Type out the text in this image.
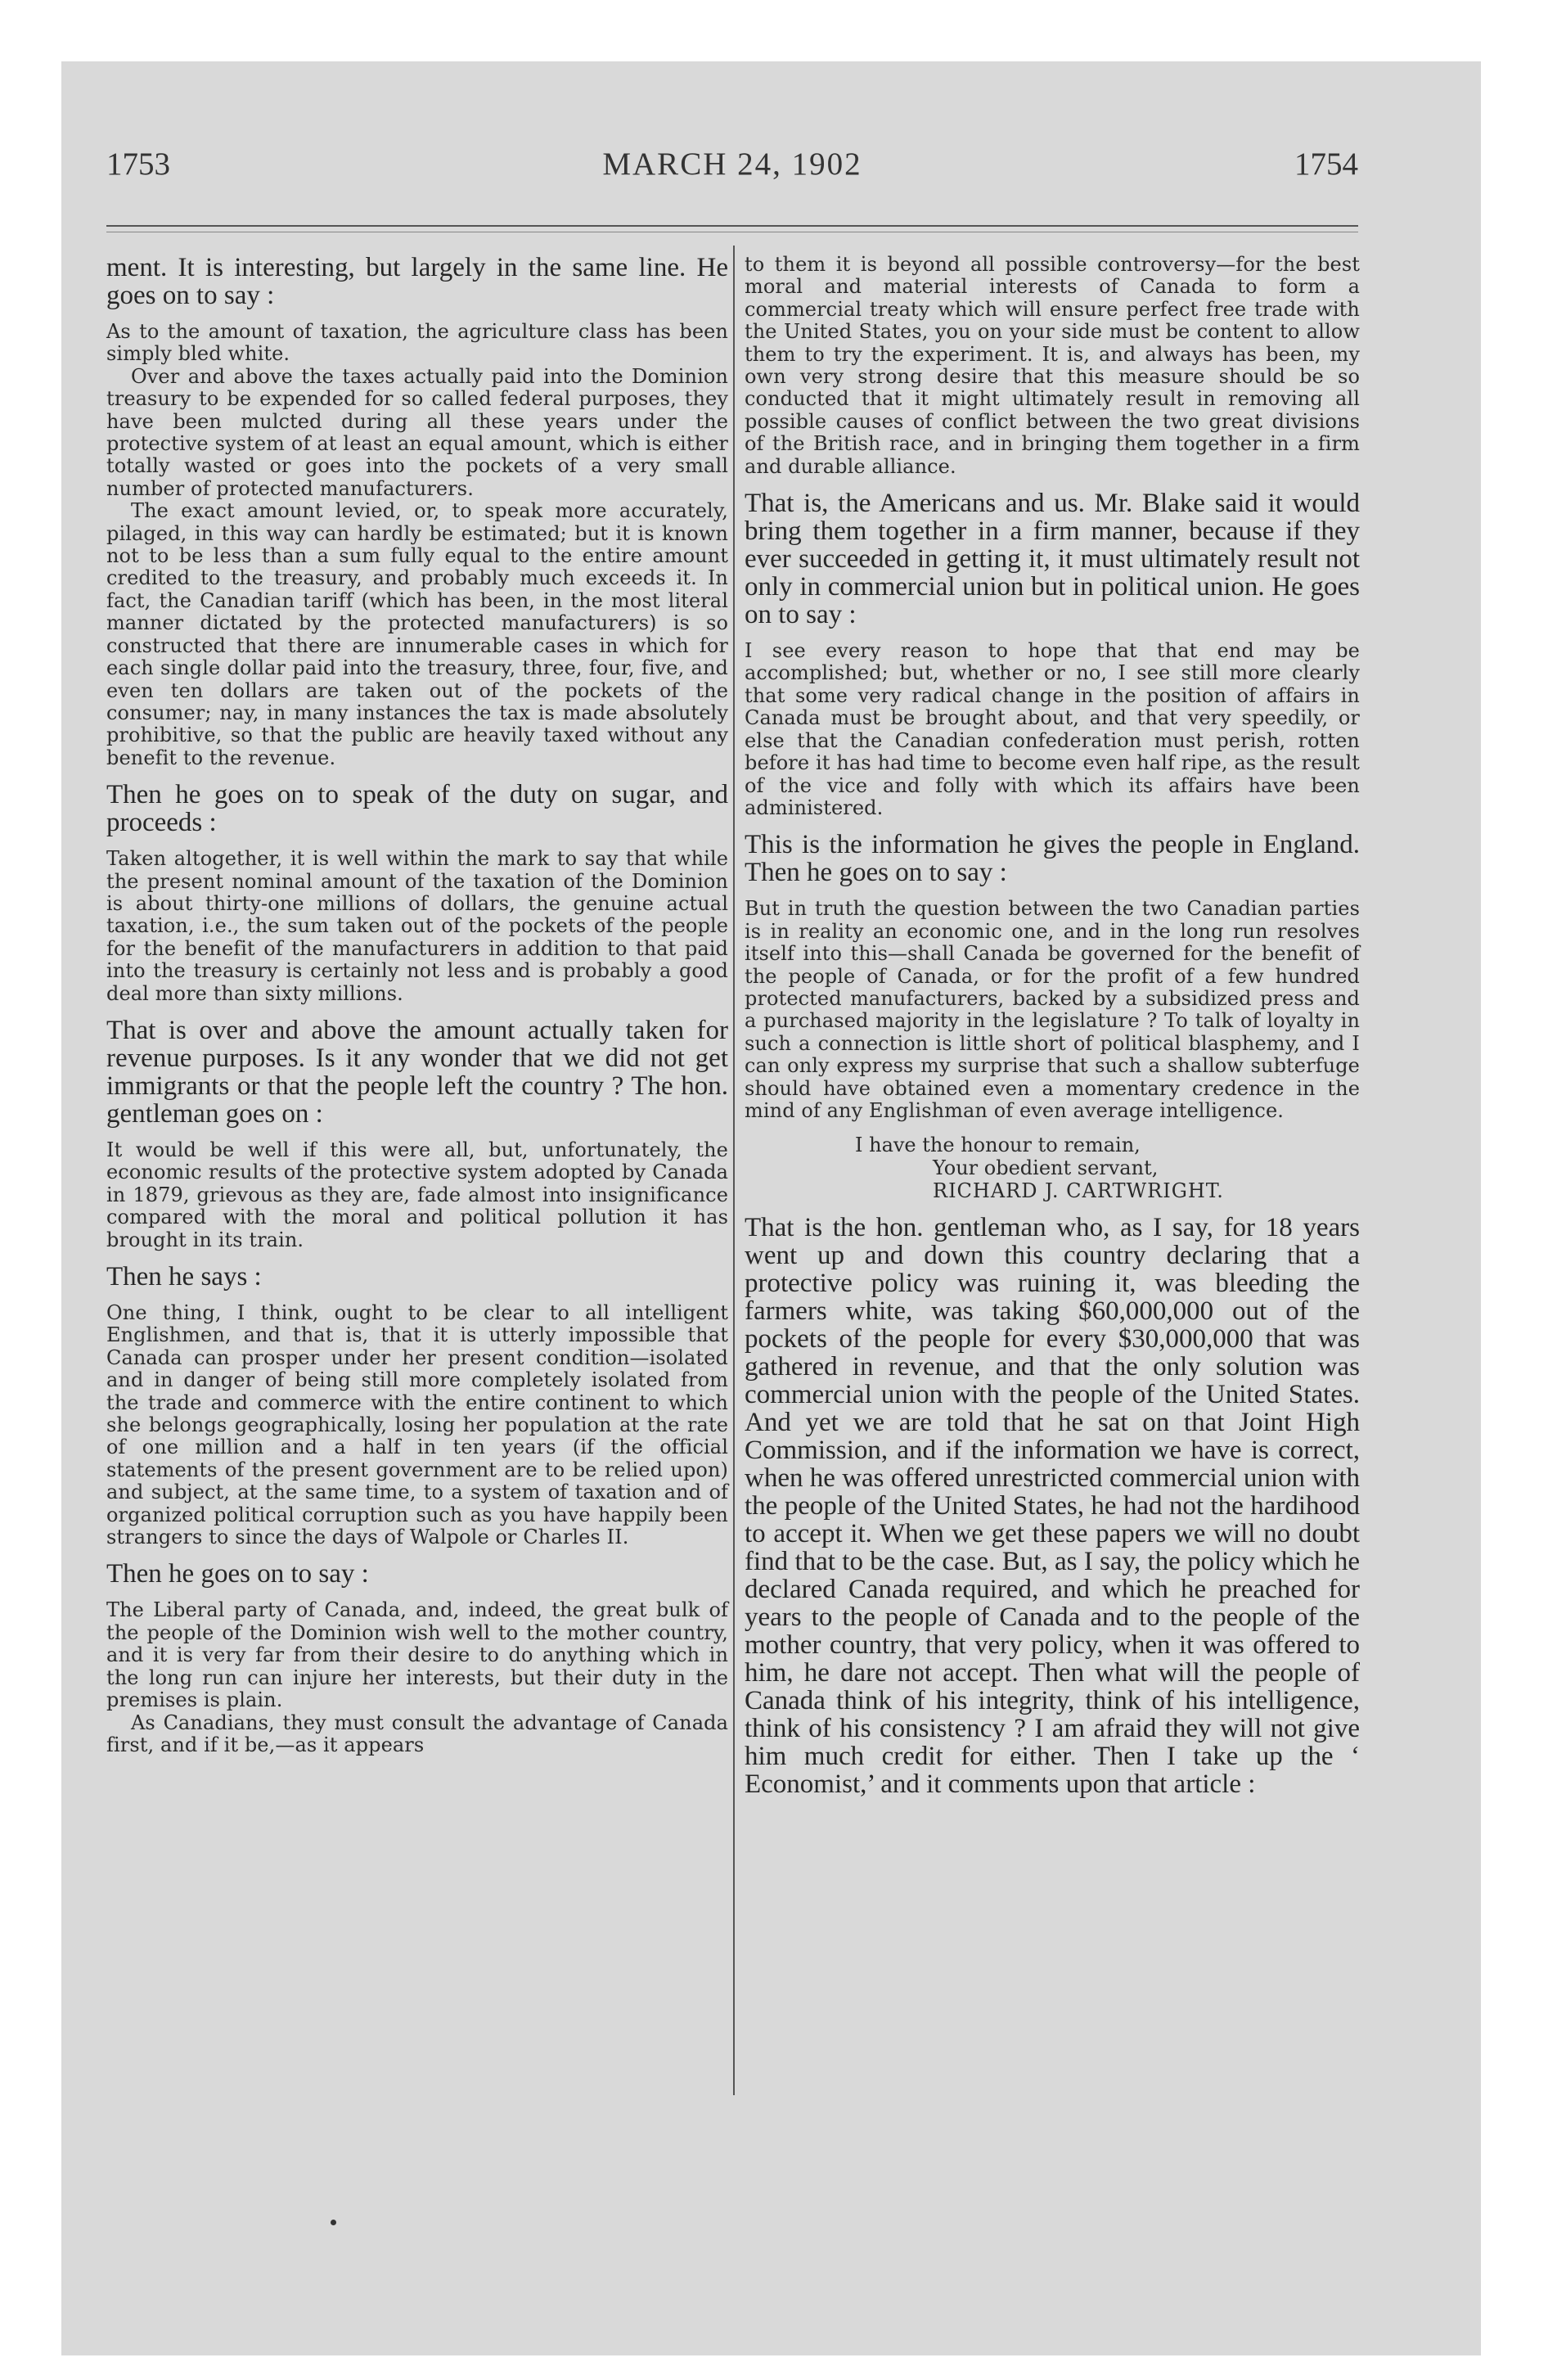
1753	MARCH 24, 1902	1754

ment. It is interesting, but largely in the same line. He goes on to say :

As to the amount of taxation, the agriculture class has been simply bled white.

Over and above the taxes actually paid into the Dominion treasury to be expended for so called federal purposes, they have been mulcted during all these years under the protective system of at least an equal amount, which is either totally wasted or goes into the pockets of a very small number of protected manufacturers.

The exact amount levied, or, to speak more accurately, pilaged, in this way can hardly be estimated; but it is known not to be less than a sum fully equal to the entire amount credited to the treasury, and probably much exceeds it. In fact, the Canadian tariff (which has been, in the most literal manner dictated by the protected manufacturers) is so constructed that there are innumerable cases in which for each single dollar paid into the treasury, three, four, five, and even ten dollars are taken out of the pockets of the consumer; nay, in many instances the tax is made absolutely prohibitive, so that the public are heavily taxed without any benefit to the revenue.

Then he goes on to speak of the duty on sugar, and proceeds :

Taken altogether, it is well within the mark to say that while the present nominal amount of the taxation of the Dominion is about thirty-one millions of dollars, the genuine actual taxation, i.e., the sum taken out of the pockets of the people for the benefit of the manufacturers in addition to that paid into the treasury is certainly not less and is probably a good deal more than sixty millions.

That is over and above the amount actually taken for revenue purposes. Is it any wonder that we did not get immigrants or that the people left the country ? The hon. gentleman goes on :

It would be well if this were all, but, unfortunately, the economic results of the protective system adopted by Canada in 1879, grievous as they are, fade almost into insignificance compared with the moral and political pollution it has brought in its train.

Then he says :

One thing, I think, ought to be clear to all intelligent Englishmen, and that is, that it is utterly impossible that Canada can prosper under her present condition—isolated and in danger of being still more completely isolated from the trade and commerce with the entire continent to which she belongs geographically, losing her population at the rate of one million and a half in ten years (if the official statements of the present government are to be relied upon) and subject, at the same time, to a system of taxation and of organized political corruption such as you have happily been strangers to since the days of Walpole or Charles II.

Then he goes on to say :

The Liberal party of Canada, and, indeed, the great bulk of the people of the Dominion wish well to the mother country, and it is very far from their desire to do anything which in the long run can injure her interests, but their duty in the premises is plain.

As Canadians, they must consult the advantage of Canada first, and if it be,—as it appears

to them it is beyond all possible controversy—for the best moral and material interests of Canada to form a commercial treaty which will ensure perfect free trade with the United States, you on your side must be content to allow them to try the experiment. It is, and always has been, my own very strong desire that this measure should be so conducted that it might ultimately result in removing all possible causes of conflict between the two great divisions of the British race, and in bringing them together in a firm and durable alliance.

That is, the Americans and us. Mr. Blake said it would bring them together in a firm manner, because if they ever succeeded in getting it, it must ultimately result not only in commercial union but in political union. He goes on to say :

I see every reason to hope that that end may be accomplished; but, whether or no, I see still more clearly that some very radical change in the position of affairs in Canada must be brought about, and that very speedily, or else that the Canadian confederation must perish, rotten before it has had time to become even half ripe, as the result of the vice and folly with which its affairs have been administered.

This is the information he gives the people in England. Then he goes on to say :

But in truth the question between the two Canadian parties is in reality an economic one, and in the long run resolves itself into this—shall Canada be governed for the benefit of the people of Canada, or for the profit of a few hundred protected manufacturers, backed by a subsidized press and a purchased majority in the legislature ? To talk of loyalty in such a connection is little short of political blasphemy, and I can only express my surprise that such a shallow subterfuge should have obtained even a momentary credence in the mind of any Englishman of even average intelligence.

I have the honour to remain,
Your obedient servant,
RICHARD J. CARTWRIGHT.

That is the hon. gentleman who, as I say, for 18 years went up and down this country declaring that a protective policy was ruining it, was bleeding the farmers white, was taking $60,000,000 out of the pockets of the people for every $30,000,000 that was gathered in revenue, and that the only solution was commercial union with the people of the United States. And yet we are told that he sat on that Joint High Commission, and if the information we have is correct, when he was offered unrestricted commercial union with the people of the United States, he had not the hardihood to accept it. When we get these papers we will no doubt find that to be the case. But, as I say, the policy which he declared Canada required, and which he preached for years to the people of Canada and to the people of the mother country, that very policy, when it was offered to him, he dare not accept. Then what will the people of Canada think of his integrity, think of his intelligence, think of his consistency ? I am afraid they will not give him much credit for either. Then I take up the ‘ Economist,’ and it comments upon that article :
